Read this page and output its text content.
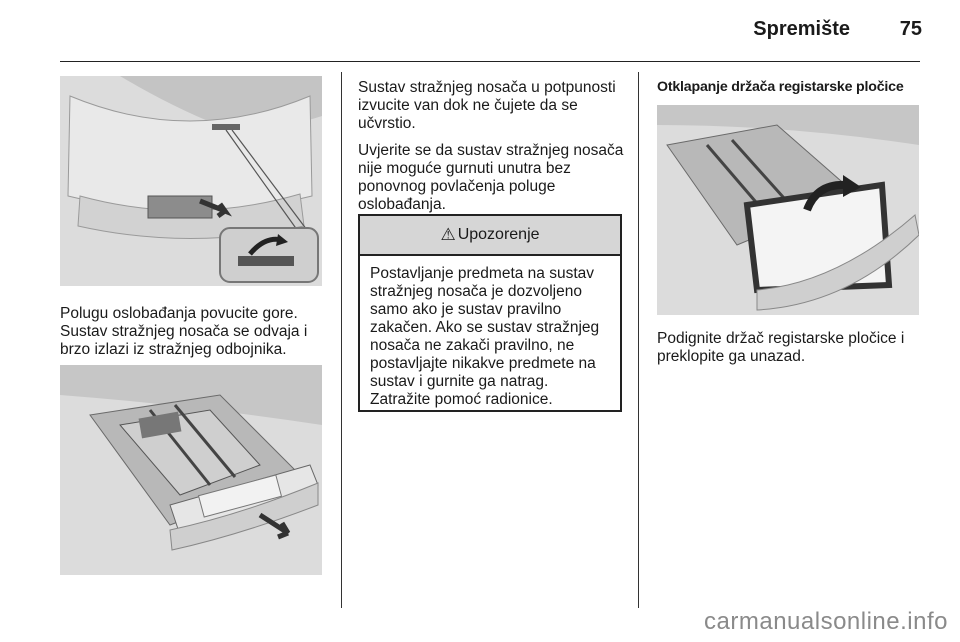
Spremište	75

Polugu oslobađanja povucite gore. Sustav stražnjeg nosača se odvaja i brzo izlazi iz stražnjeg odbojnika.

Sustav stražnjeg nosača u potpunosti izvucite van dok ne čujete da se učvrstio.

Uvjerite se da sustav stražnjeg nosača nije moguće gurnuti unutra bez ponovnog povlačenja poluge oslobađanja.

⚠ Upozorenje
Postavljanje predmeta na sustav stražnjeg nosača je dozvoljeno samo ako je sustav pravilno zakačen. Ako se sustav stražnjeg nosača ne zakači pravilno, ne postavljajte nikakve predmete na sustav i gurnite ga natrag. Zatražite pomoć radionice.
Otklapanje držača registarske pločice

Podignite držač registarske pločice i preklopite ga unazad.

carmanualsonline.info
